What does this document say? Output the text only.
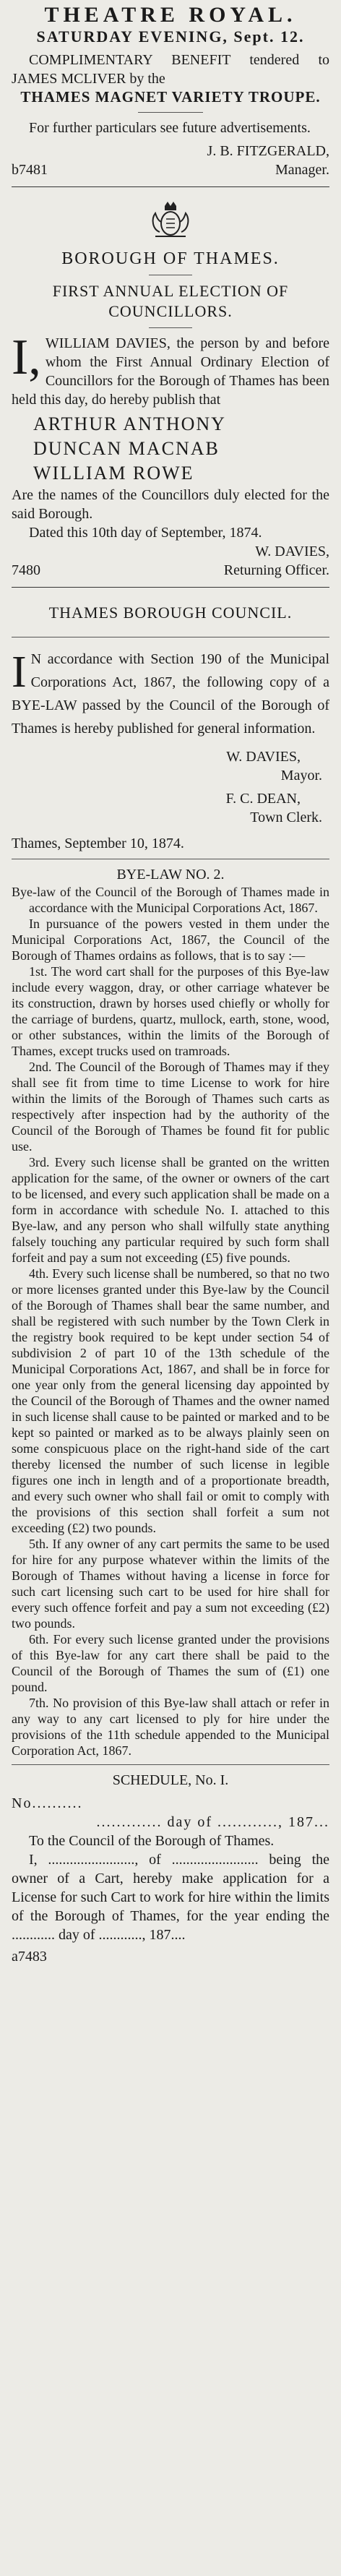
THEATRE ROYAL.
SATURDAY EVENING, Sept. 12.

COMPLIMENTARY BENEFIT tendered to JAMES MCLIVER by the

THAMES MAGNET VARIETY TROUPE.

For further particulars see future advertisements.

b7481
J. B. FITZGERALD,
Manager.
BOROUGH OF THAMES.
FIRST ANNUAL ELECTION OF COUNCILLORS.

I, WILLIAM DAVIES, the person by and before whom the First Annual Ordinary Election of Councillors for the Borough of Thames has been held this day, do hereby publish that

ARTHUR ANTHONY
DUNCAN MACNAB
WILLIAM ROWE

Are the names of the Councillors duly elected for the said Borough.

Dated this 10th day of September, 1874.

W. DAVIES,
7480	Returning Officer.
THAMES BOROUGH COUNCIL.

I N accordance with Section 190 of the Municipal Corporations Act, 1867, the following copy of a BYE-LAW passed by the Council of the Borough of Thames is hereby published for general information.

W. DAVIES,
Mayor.
F. C. DEAN,
Town Clerk.

Thames, September 10, 1874.

BYE-LAW NO. 2.

Bye-law of the Council of the Borough of Thames made in accordance with the Municipal Corporations Act, 1867.

In pursuance of the powers vested in them under the Municipal Corporations Act, 1867, the Council of the Borough of Thames ordains as follows, that is to say :—

1st. The word cart shall for the purposes of this Bye-law include every waggon, dray, or other carriage whatever be its construction, drawn by horses used chiefly or wholly for the carriage of burdens, quartz, mullock, earth, stone, wood, or other substances, within the limits of the Borough of Thames, except trucks used on tramroads.

2nd. The Council of the Borough of Thames may if they shall see fit from time to time License to work for hire within the limits of the Borough of Thames such carts as respectively after inspection had by the authority of the Council of the Borough of Thames be found fit for public use.

3rd. Every such license shall be granted on the written application for the same, of the owner or owners of the cart to be licensed, and every such application shall be made on a form in accordance with schedule No. I. attached to this Bye-law, and any person who shall wilfully state anything falsely touching any particular required by such form shall forfeit and pay a sum not exceeding (£5) five pounds.

4th. Every such license shall be numbered, so that no two or more licenses granted under this Bye-law by the Council of the Borough of Thames shall bear the same number, and shall be registered with such number by the Town Clerk in the registry book required to be kept under section 54 of subdivision 2 of part 10 of the 13th schedule of the Municipal Corporations Act, 1867, and shall be in force for one year only from the general licensing day appointed by the Council of the Borough of Thames and the owner named in such license shall cause to be painted or marked and to be kept so painted or marked as to be always plainly seen on some conspicuous place on the right-hand side of the cart thereby licensed the number of such license in legible figures one inch in length and of a proportionate breadth, and every such owner who shall fail or omit to comply with the provisions of this section shall forfeit a sum not exceeding (£2) two pounds.

5th. If any owner of any cart permits the same to be used for hire for any purpose whatever within the limits of the Borough of Thames without having a license in force for such cart licensing such cart to be used for hire shall for every such offence forfeit and pay a sum not exceeding (£2) two pounds.

6th. For every such license granted under the provisions of this Bye-law for any cart there shall be paid to the Council of the Borough of Thames the sum of (£1) one pound.

7th. No provision of this Bye-law shall attach or refer in any way to any cart licensed to ply for hire under the provisions of the 11th schedule appended to the Municipal Corporation Act, 1867.

SCHEDULE, No. I.

No..........

............. day of ............, 187...

To the Council of the Borough of Thames.

I, ........................, of ........................ being the owner of a Cart, hereby make application for a License for such Cart to work for hire within the limits of the Borough of Thames, for the year ending the ............ day of ............, 187....

a7483
